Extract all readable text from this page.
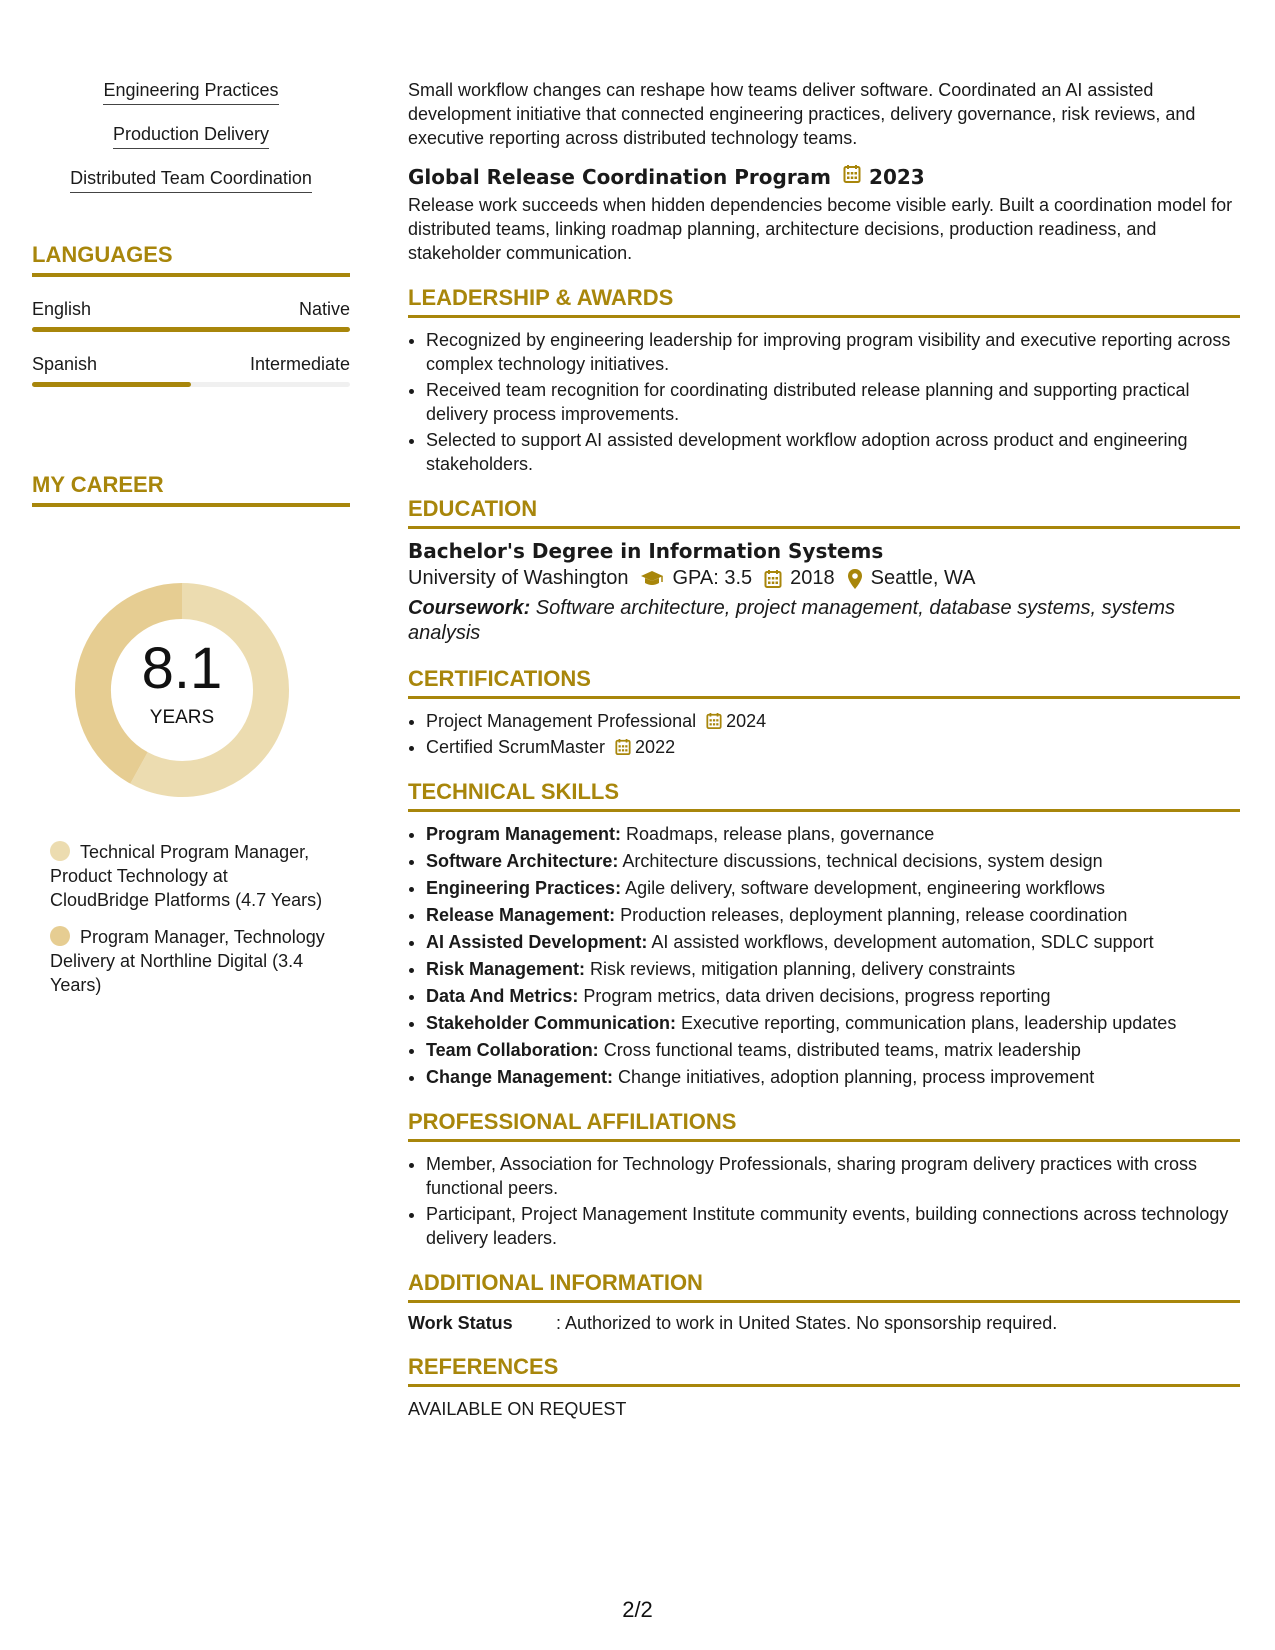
Engineering Practices
Production Delivery
Distributed Team Coordination
LANGUAGES
English	Native
Spanish	Intermediate
MY CAREER
8.1
YEARS
Technical Program Manager, Product Technology at CloudBridge Platforms (4.7 Years)
Program Manager, Technology Delivery at Northline Digital (3.4 Years)

Small workflow changes can reshape how teams deliver software. Coordinated an AI assisted development initiative that connected engineering practices, delivery governance, risk reviews, and executive reporting across distributed technology teams.

Global Release Coordination Program 2023

Release work succeeds when hidden dependencies become visible early. Built a coordination model for distributed teams, linking roadmap planning, architecture decisions, production readiness, and stakeholder communication.

LEADERSHIP & AWARDS
• Recognized by engineering leadership for improving program visibility and executive reporting across complex technology initiatives.
• Received team recognition for coordinating distributed release planning and supporting practical delivery process improvements.
• Selected to support AI assisted development workflow adoption across product and engineering stakeholders.
EDUCATION
Bachelor's Degree in Information Systems
University of Washington GPA: 3.5 2018 Seattle, WA

Coursework: Software architecture, project management, database systems, systems analysis

CERTIFICATIONS
• Project Management Professional 2024
• Certified ScrumMaster 2022
TECHNICAL SKILLS
• Program Management: Roadmaps, release plans, governance
• Software Architecture: Architecture discussions, technical decisions, system design
• Engineering Practices: Agile delivery, software development, engineering workflows
• Release Management: Production releases, deployment planning, release coordination
• AI Assisted Development: AI assisted workflows, development automation, SDLC support
• Risk Management: Risk reviews, mitigation planning, delivery constraints
• Data And Metrics: Program metrics, data driven decisions, progress reporting
• Stakeholder Communication: Executive reporting, communication plans, leadership updates
• Team Collaboration: Cross functional teams, distributed teams, matrix leadership
• Change Management: Change initiatives, adoption planning, process improvement
PROFESSIONAL AFFILIATIONS
• Member, Association for Technology Professionals, sharing program delivery practices with cross functional peers.
• Participant, Project Management Institute community events, building connections across technology delivery leaders.
ADDITIONAL INFORMATION
Work Status	: Authorized to work in United States. No sponsorship required.
REFERENCES

AVAILABLE ON REQUEST

2/2
